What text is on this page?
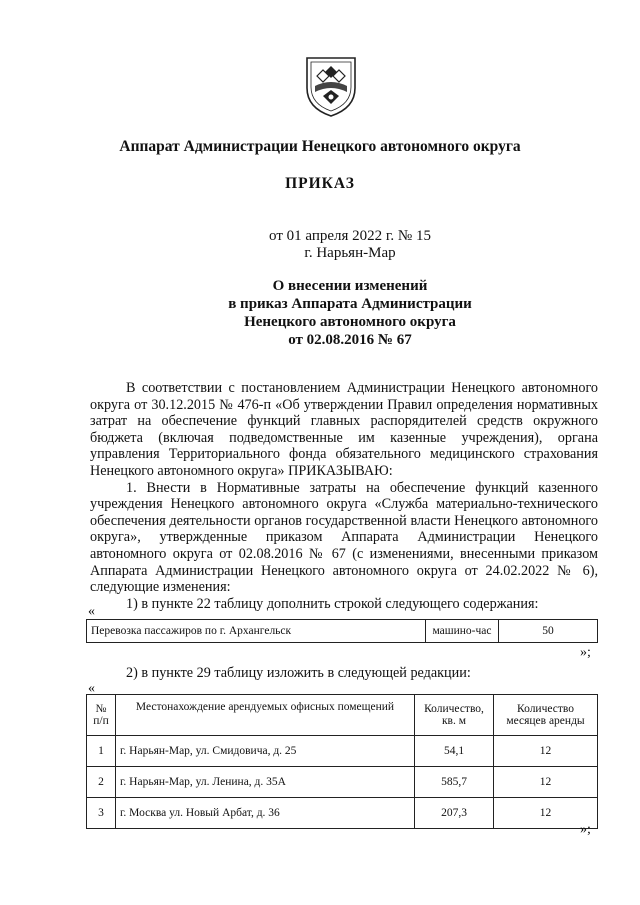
Аппарат Администрации Ненецкого автономного округа
ПРИКАЗ
от 01 апреля 2022 г. № 15
г. Нарьян-Мар
О внесении изменений
в приказ Аппарата Администрации
Ненецкого автономного округа
от 02.08.2016 № 67

В соответствии с постановлением Администрации Ненецкого автономного округа от 30.12.2015 № 476-п «Об утверждении Правил определения нормативных затрат на обеспечение функций главных распорядителей средств окружного бюджета (включая подведомственные им казенные учреждения), органа управления Территориального фонда обязательного медицинского страхования Ненецкого автономного округа» ПРИКАЗЫВАЮ:

1. Внести в Нормативные затраты на обеспечение функций казенного учреждения Ненецкого автономного округа «Служба материально-технического обеспечения деятельности органов государственной власти Ненецкого автономного округа», утвержденные приказом Аппарата Администрации Ненецкого автономного округа от 02.08.2016 № 67 (с изменениями, внесенными приказом Аппарата Администрации Ненецкого автономного округа от 24.02.2022 № 6), следующие изменения:

1) в пункте 22 таблицу дополнить строкой следующего содержания:

«
Перевозка пассажиров по г. Архангельск	машино-час	50
»;

2) в пункте 29 таблицу изложить в следующей редакции:

«
№ п/п	Местонахождение арендуемых офисных помещений	Количество, кв. м	Количество месяцев аренды
1	г. Нарьян-Мар, ул. Смидовича, д. 25	54,1	12
2	г. Нарьян-Мар, ул. Ленина, д. 35А	585,7	12
3	г. Москва ул. Новый Арбат, д. 36	207,3	12
»;
